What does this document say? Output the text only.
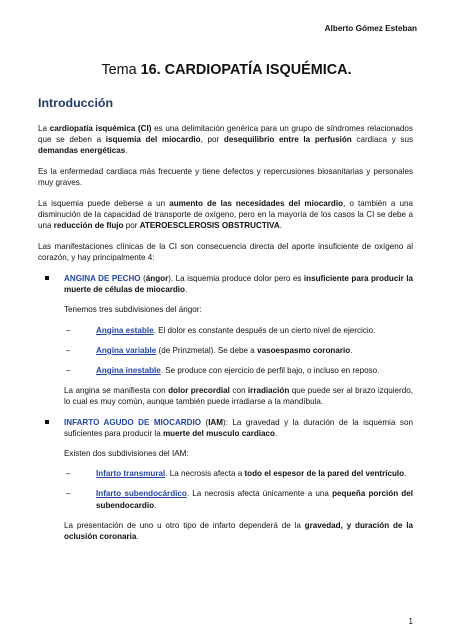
Alberto Gómez Esteban
Tema 16. CARDIOPATÍA ISQUÉMICA.
Introducción

La cardiopatía isquémica (CI) es una delimitación genérica para un grupo de síndromes relacionados que se deben a isquemia del miocardio, por desequilibrio entre la perfusión cardiaca y sus demandas energéticas.

Es la enfermedad cardiaca más frecuente y tiene defectos y repercusiones biosanitarias y personales muy graves.

La isquemia puede deberse a un aumento de las necesidades del miocardio, o también a una disminución de la capacidad de transporte de oxígeno, pero en la mayoría de los casos la CI se debe a una reducción de flujo por ATEROESCLEROSIS OBSTRUCTIVA.

Las manifestaciones clínicas de la CI son consecuencia directa del aporte insuficiente de oxígeno al corazón, y hay principalmente 4:

ANGINA DE PECHO (ángor). La isquemia produce dolor pero es insuficiente para producir la muerte de células de miocardio.
Tenemos tres subdivisiones del ángor:
–	Angina estable. El dolor es constante después de un cierto nivel de ejercicio.
–	Angina variable (de Prinzmetal). Se debe a vasoespasmo coronario.
–	Angina inestable. Se produce con ejercicio de perfil bajo, o incluso en reposo.
La angina se manifiesta con dolor precordial con irradiación que puede ser al brazo izquierdo, lo cual es muy común, aunque también puede irradiarse a la mandíbula.
INFARTO AGUDO DE MIOCARDIO (IAM): La gravedad y la duración de la isquemia son suficientes para producir la muerte del musculo cardiaco.
Existen dos subdivisiones del IAM:
–	Infarto transmural. La necrosis afecta a todo el espesor de la pared del ventrículo.
–	Infarto subendocárdico. La necrosis afecta únicamente a una pequeña porción del subendocardio.
La presentación de uno u otro tipo de infarto dependerá de la gravedad, y duración de la oclusión coronaria.
1
